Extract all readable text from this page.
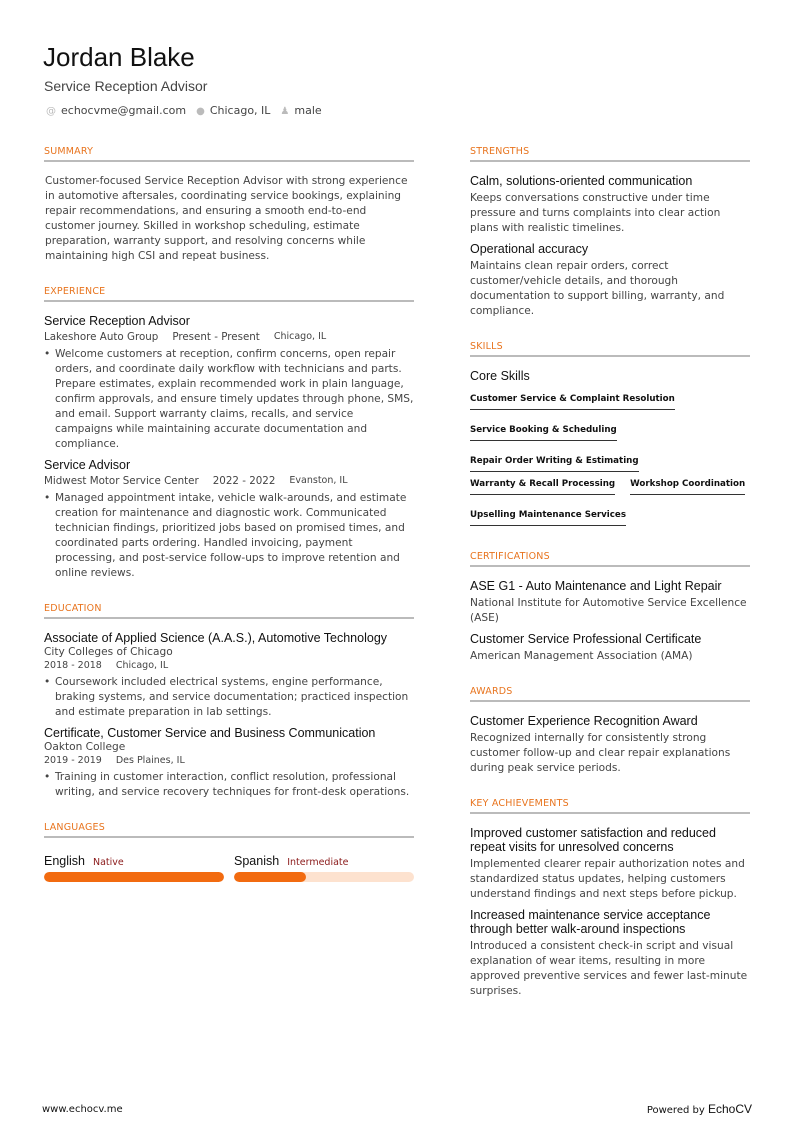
Jordan Blake
Service Reception Advisor
@ echocvme@gmail.com ● Chicago, IL ♟ male
SUMMARY
Customer-focused Service Reception Advisor with strong experience in automotive aftersales, coordinating service bookings, explaining repair recommendations, and ensuring a smooth end-to-end customer journey. Skilled in workshop scheduling, estimate preparation, warranty support, and resolving concerns while maintaining high CSI and repeat business.
EXPERIENCE
Service Reception Advisor
Lakeshore Auto Group Present - Present Chicago, IL
• Welcome customers at reception, confirm concerns, open repair orders, and coordinate daily workflow with technicians and parts. Prepare estimates, explain recommended work in plain language, confirm approvals, and ensure timely updates through phone, SMS, and email. Support warranty claims, recalls, and service campaigns while maintaining accurate documentation and compliance.
Service Advisor
Midwest Motor Service Center 2022 - 2022 Evanston, IL
• Managed appointment intake, vehicle walk-arounds, and estimate creation for maintenance and diagnostic work. Communicated technician findings, prioritized jobs based on promised times, and coordinated parts ordering. Handled invoicing, payment processing, and post-service follow-ups to improve retention and online reviews.
EDUCATION
Associate of Applied Science (A.A.S.), Automotive Technology
City Colleges of Chicago
2018 - 2018 Chicago, IL
• Coursework included electrical systems, engine performance, braking systems, and service documentation; practiced inspection and estimate preparation in lab settings.
Certificate, Customer Service and Business Communication
Oakton College
2019 - 2019 Des Plaines, IL
• Training in customer interaction, conflict resolution, professional writing, and service recovery techniques for front-desk operations.
LANGUAGES
English Native	Spanish Intermediate
STRENGTHS
Calm, solutions-oriented communication
Keeps conversations constructive under time pressure and turns complaints into clear action plans with realistic timelines.
Operational accuracy
Maintains clean repair orders, correct customer/vehicle details, and thorough documentation to support billing, warranty, and compliance.
SKILLS
Core Skills
Customer Service & Complaint Resolution
Service Booking & Scheduling
Repair Order Writing & Estimating
Warranty & Recall Processing Workshop Coordination
Upselling Maintenance Services
CERTIFICATIONS
ASE G1 - Auto Maintenance and Light Repair
National Institute for Automotive Service Excellence (ASE)
Customer Service Professional Certificate
American Management Association (AMA)
AWARDS
Customer Experience Recognition Award
Recognized internally for consistently strong customer follow-up and clear repair explanations during peak service periods.
KEY ACHIEVEMENTS
Improved customer satisfaction and reduced repeat visits for unresolved concerns
Implemented clearer repair authorization notes and standardized status updates, helping customers understand findings and next steps before pickup.
Increased maintenance service acceptance through better walk-around inspections
Introduced a consistent check-in script and visual explanation of wear items, resulting in more approved preventive services and fewer last-minute surprises.
www.echocv.me	Powered by EchoCV
